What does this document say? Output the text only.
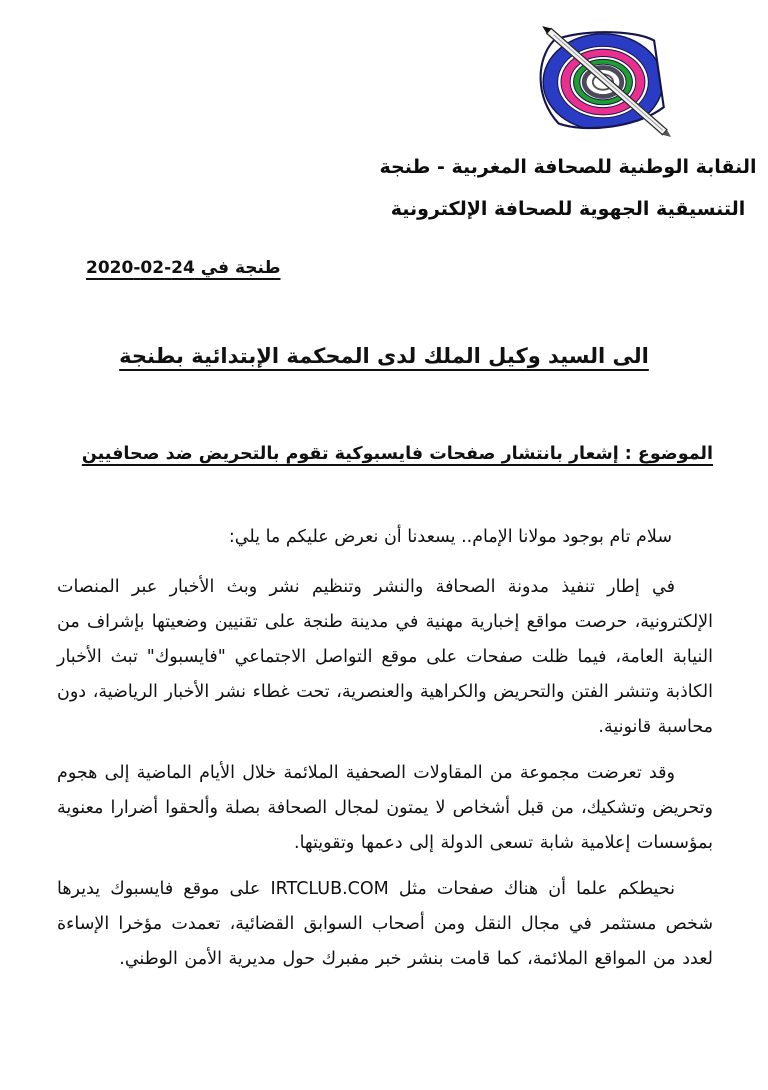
النقابة الوطنية للصحافة المغربية - طنجة
التنسيقية الجهوية للصحافة الإلكترونية
طنجة في 24-02-2020
الى السيد وكيل الملك لدى المحكمة الإبتدائية بطنجة
الموضوع : إشعار بانتشار صفحات فايسبوكية تقوم بالتحريض ضد صحافيين
سلام تام بوجود مولانا الإمام.. يسعدنا أن نعرض عليكم ما يلي:

في إطار تنفيذ مدونة الصحافة والنشر وتنظيم نشر وبث الأخبار عبر المنصات الإلكترونية، حرصت مواقع إخبارية مهنية في مدينة طنجة على تقنيين وضعيتها بإشراف من النيابة العامة، فيما ظلت صفحات على موقع التواصل الاجتماعي "فايسبوك" تبث الأخبار الكاذبة وتنشر الفتن والتحريض والكراهية والعنصرية، تحت غطاء نشر الأخبار الرياضية، دون محاسبة قانونية.

وقد تعرضت مجموعة من المقاولات الصحفية الملائمة خلال الأيام الماضية إلى هجوم وتحريض وتشكيك، من قبل أشخاص لا يمتون لمجال الصحافة بصلة وألحقوا أضرارا معنوية بمؤسسات إعلامية شابة تسعى الدولة إلى دعمها وتقويتها.

نحيطكم علما أن هناك صفحات مثل IRTCLUB.COM على موقع فايسبوك يديرها شخص مستثمر في مجال النقل ومن أصحاب السوابق القضائية، تعمدت مؤخرا الإساءة لعدد من المواقع الملائمة، كما قامت بنشر خبر مفبرك حول مديرية الأمن الوطني.
